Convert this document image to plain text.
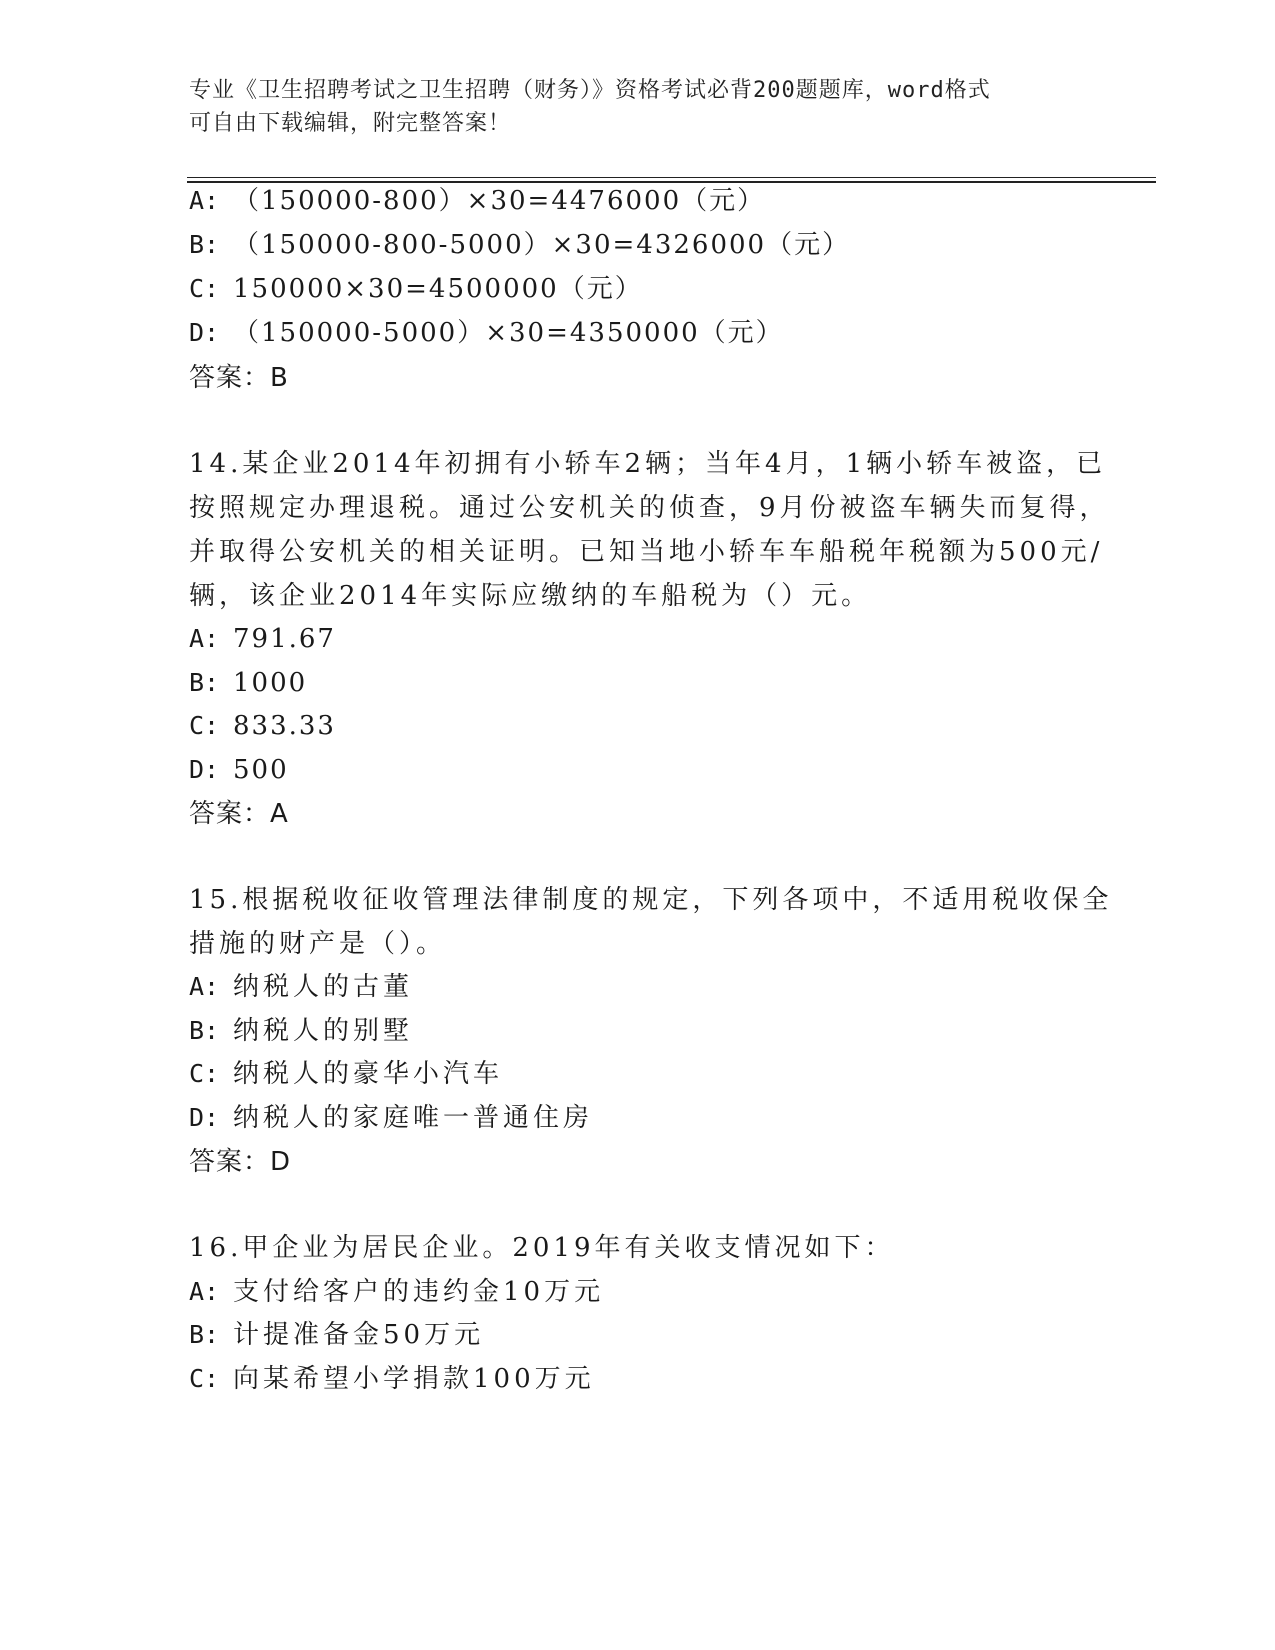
专业《卫生招聘考试之卫生招聘（财务）》资格考试必背200题题库，word格式
可自由下载编辑，附完整答案！
A: （150000-800）×30=4476000（元）
B: （150000-800-5000）×30=4326000（元）
C: 150000×30=4500000（元）
D: （150000-5000）×30=4350000（元）
答案：B
14.某企业2014年初拥有小轿车2辆；当年4月，1辆小轿车被盗，已
按照规定办理退税。通过公安机关的侦查，9月份被盗车辆失而复得，
并取得公安机关的相关证明。已知当地小轿车车船税年税额为500元/
辆，该企业2014年实际应缴纳的车船税为（）元。
A: 791.67
B: 1000
C: 833.33
D: 500
答案：A
15.根据税收征收管理法律制度的规定，下列各项中，不适用税收保全
措施的财产是（）。
A: 纳税人的古董
B: 纳税人的别墅
C: 纳税人的豪华小汽车
D: 纳税人的家庭唯一普通住房
答案：D
16.甲企业为居民企业。2019年有关收支情况如下：
A: 支付给客户的违约金10万元
B: 计提准备金50万元
C: 向某希望小学捐款100万元
